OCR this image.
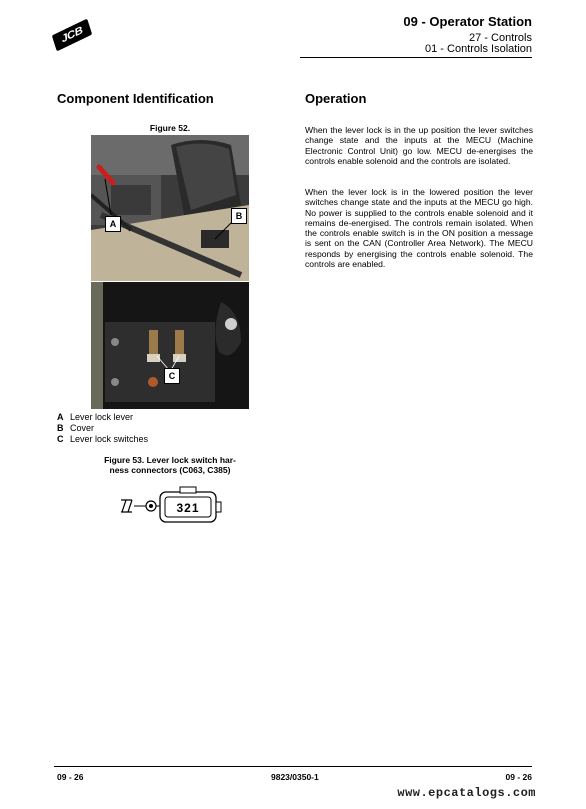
JCB
09 - Operator Station
27 - Controls
01 - Controls Isolation
Component Identification
Figure 52.
A
B
C
A Lever lock lever
B Cover
C Lever lock switches
Figure 53. Lever lock switch har-
ness connectors (C063, C385)
321
Operation
When the lever lock is in the up position the lever switches change state and the inputs at the MECU (Machine Electronic Control Unit) go low. MECU de-energises the controls enable solenoid and the controls are isolated.
When the lever lock is in the lowered position the lever switches change state and the inputs at the MECU go high. No power is supplied to the controls enable solenoid and it remains de-energised. The controls remain isolated. When the controls enable switch is in the ON position a message is sent on the CAN (Controller Area Network). The MECU responds by energising the controls enable solenoid. The controls are enabled.
09 - 26	9823/0350-1	09 - 26
www.epcatalogs.com
